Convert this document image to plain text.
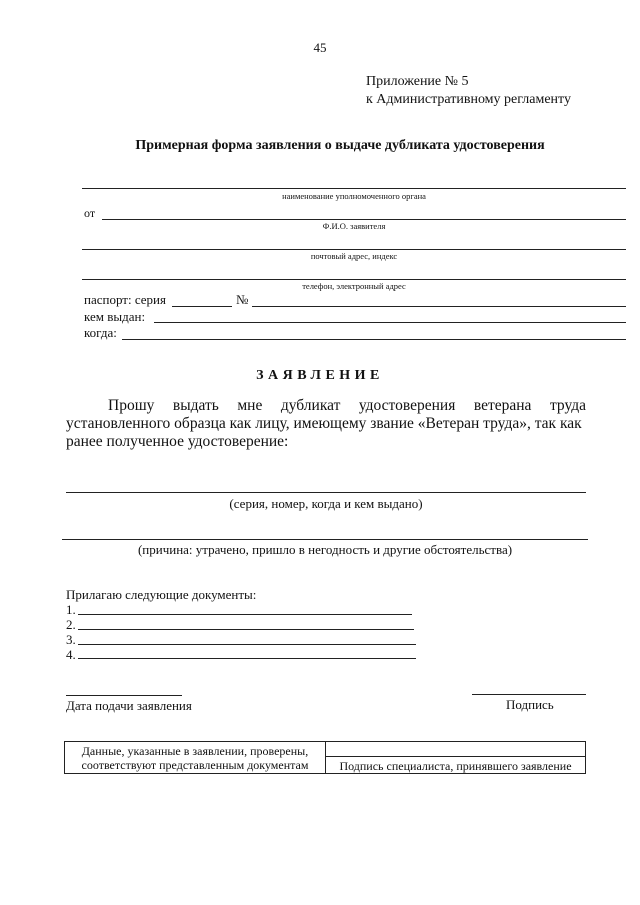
45
Приложение № 5
к Административному регламенту
Примерная форма заявления о выдаче дубликата удостоверения
наименование уполномоченного органа
от
Ф.И.О. заявителя
почтовый адрес, индекс
телефон, электронный адрес
паспорт: серия	№
кем выдан:
когда:
ЗАЯВЛЕНИЕ
Прошу выдать мне дубликат удостоверения ветерана труда
установленного образца как лицу, имеющему звание «Ветеран труда», так как
ранее полученное удостоверение:
(серия, номер, когда и кем выдано)
(причина: утрачено, пришло в негодность и другие обстоятельства)
Прилагаю следующие документы:
1.
2.
3.
4.
Дата подачи заявления	Подпись
Данные, указанные в заявлении, проверены, соответствуют представленным документам	Подпись специалиста, принявшего заявление
